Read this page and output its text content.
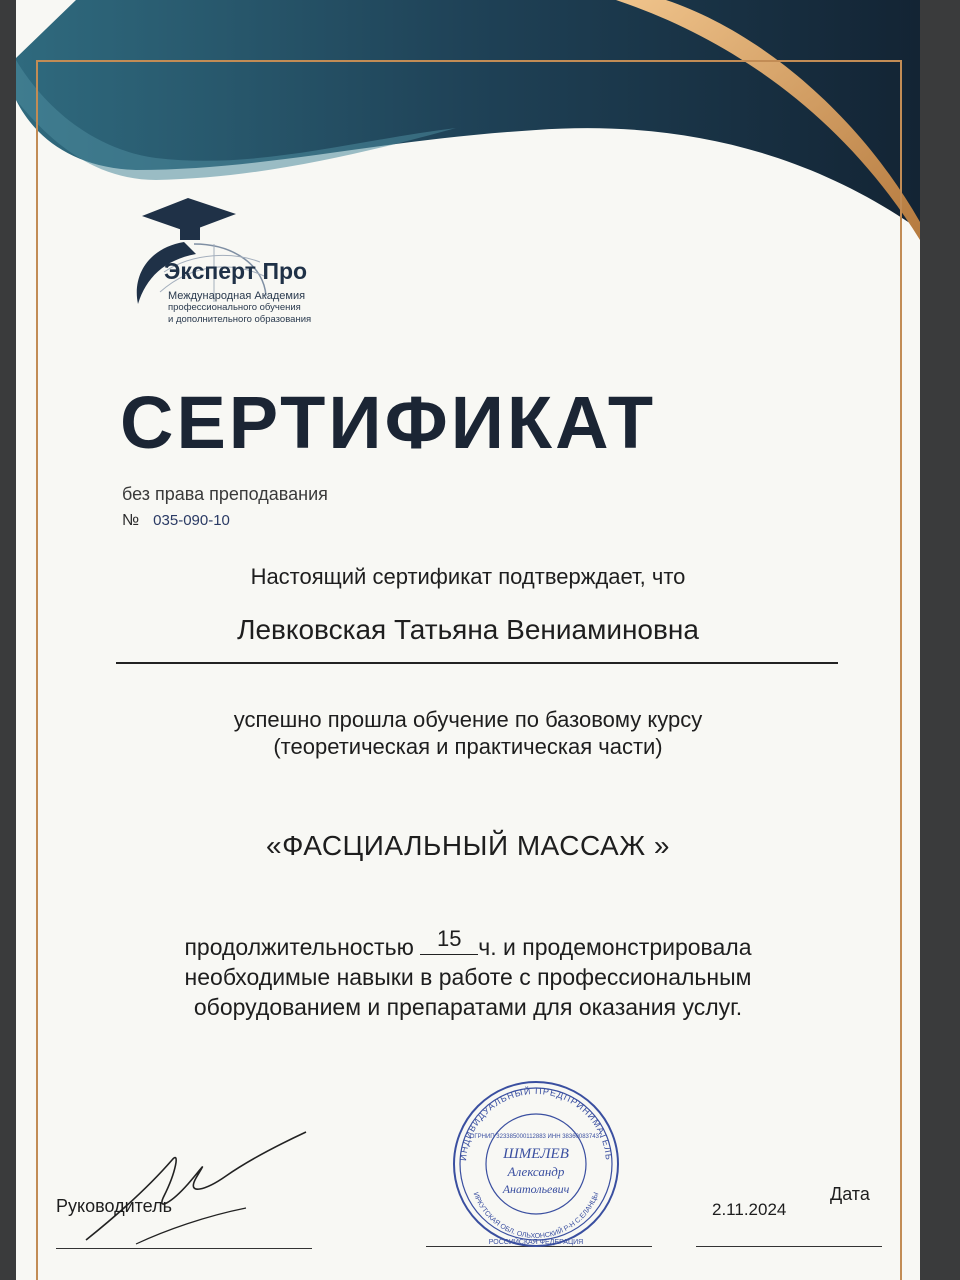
Эксперт Про
Международная Академия
профессионального обучения
и дополнительного образования
СЕРТИФИКАТ
без права преподавания
№ 035-090-10
Настоящий сертификат подтверждает, что
Левковская Татьяна Вениаминовна
успешно прошла обучение по базовому курсу
(теоретическая и практическая части)
«ФАСЦИАЛЬНЫЙ МАССАЖ »
продолжительностью	15 ч. и продемонстрировала
необходимые навыки в работе с профессиональным
оборудованием и препаратами для оказания услуг.
Руководитель
Дата
2.11.2024
ИНДИВИДУАЛЬНЫЙ ПРЕДПРИНИМАТЕЛЬ
ИРКУТСКАЯ ОБЛ. ОЛЬХОНСКИЙ Р-Н С.ЕЛАНЦЫ
ОГРНИП 323385000112883 ИНН 383600837437
РОССИЙСКАЯ ФЕДЕРАЦИЯ
ШМЕЛЕВ
Александр
Анатольевич
